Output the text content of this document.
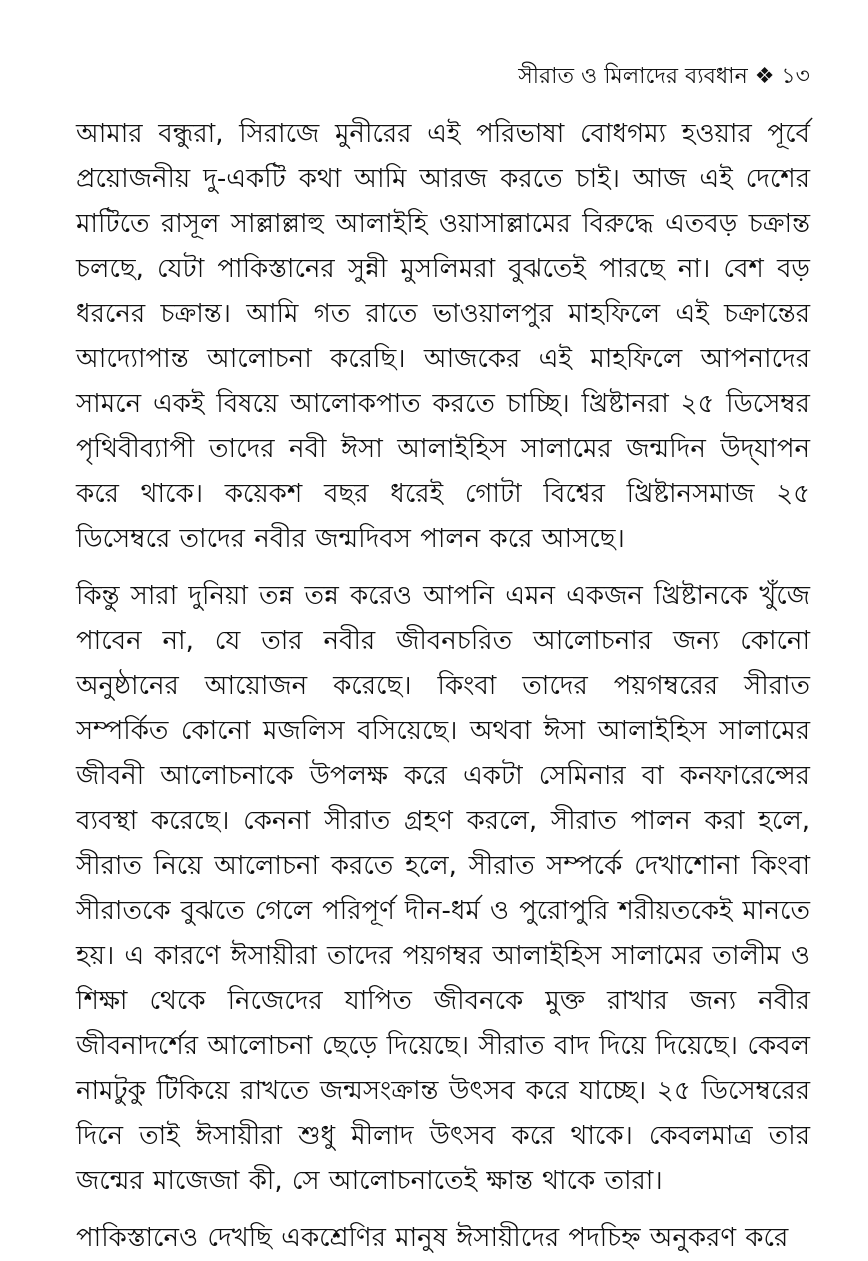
সীরাত ও মিলাদের ব্যবধান ❖ ১৩

আমার বন্ধুরা, সিরাজে মুনীরের এই পরিভাষা বোধগম্য হওয়ার পূর্বে প্রয়োজনীয় দু-একটি কথা আমি আরজ করতে চাই। আজ এই দেশের মাটিতে রাসূল সাল্লাল্লাহু আলাইহি ওয়াসাল্লামের বিরুদ্ধে এতবড় চক্রান্ত চলছে, যেটা পাকিস্তানের সুন্নী মুসলিমরা বুঝতেই পারছে না। বেশ বড় ধরনের চক্রান্ত। আমি গত রাতে ভাওয়ালপুর মাহফিলে এই চক্রান্তের আদ্যোপান্ত আলোচনা করেছি। আজকের এই মাহফিলে আপনাদের সামনে একই বিষয়ে আলোকপাত করতে চাচ্ছি। খ্রিষ্টানরা ২৫ ডিসেম্বর পৃথিবীব্যাপী তাদের নবী ঈসা আলাইহিস সালামের জন্মদিন উদ্‌যাপন করে থাকে। কয়েকশ বছর ধরেই গোটা বিশ্বের খ্রিষ্টানসমাজ ২৫ ডিসেম্বরে তাদের নবীর জন্মদিবস পালন করে আসছে।

কিন্তু সারা দুনিয়া তন্ন তন্ন করেও আপনি এমন একজন খ্রিষ্টানকে খুঁজে পাবেন না, যে তার নবীর জীবনচরিত আলোচনার জন্য কোনো অনুষ্ঠানের আয়োজন করেছে। কিংবা তাদের পয়গম্বরের সীরাত সম্পর্কিত কোনো মজলিস বসিয়েছে। অথবা ঈসা আলাইহিস সালামের জীবনী আলোচনাকে উপলক্ষ করে একটা সেমিনার বা কনফারেন্সের ব্যবস্থা করেছে। কেননা সীরাত গ্রহণ করলে, সীরাত পালন করা হলে, সীরাত নিয়ে আলোচনা করতে হলে, সীরাত সম্পর্কে দেখাশোনা কিংবা সীরাতকে বুঝতে গেলে পরিপূর্ণ দীন-ধর্ম ও পুরোপুরি শরীয়তকেই মানতে হয়। এ কারণে ঈসায়ীরা তাদের পয়গম্বর আলাইহিস সালামের তালীম ও শিক্ষা থেকে নিজেদের যাপিত জীবনকে মুক্ত রাখার জন্য নবীর জীবনাদর্শের আলোচনা ছেড়ে দিয়েছে। সীরাত বাদ দিয়ে দিয়েছে। কেবল নামটুকু টিকিয়ে রাখতে জন্মসংক্রান্ত উৎসব করে যাচ্ছে। ২৫ ডিসেম্বরের দিনে তাই ঈসায়ীরা শুধু মীলাদ উৎসব করে থাকে। কেবলমাত্র তার জন্মের মাজেজা কী, সে আলোচনাতেই ক্ষান্ত থাকে তারা।

পাকিস্তানেও দেখছি একশ্রেণির মানুষ ঈসায়ীদের পদচিহ্ন অনুকরণ করে
